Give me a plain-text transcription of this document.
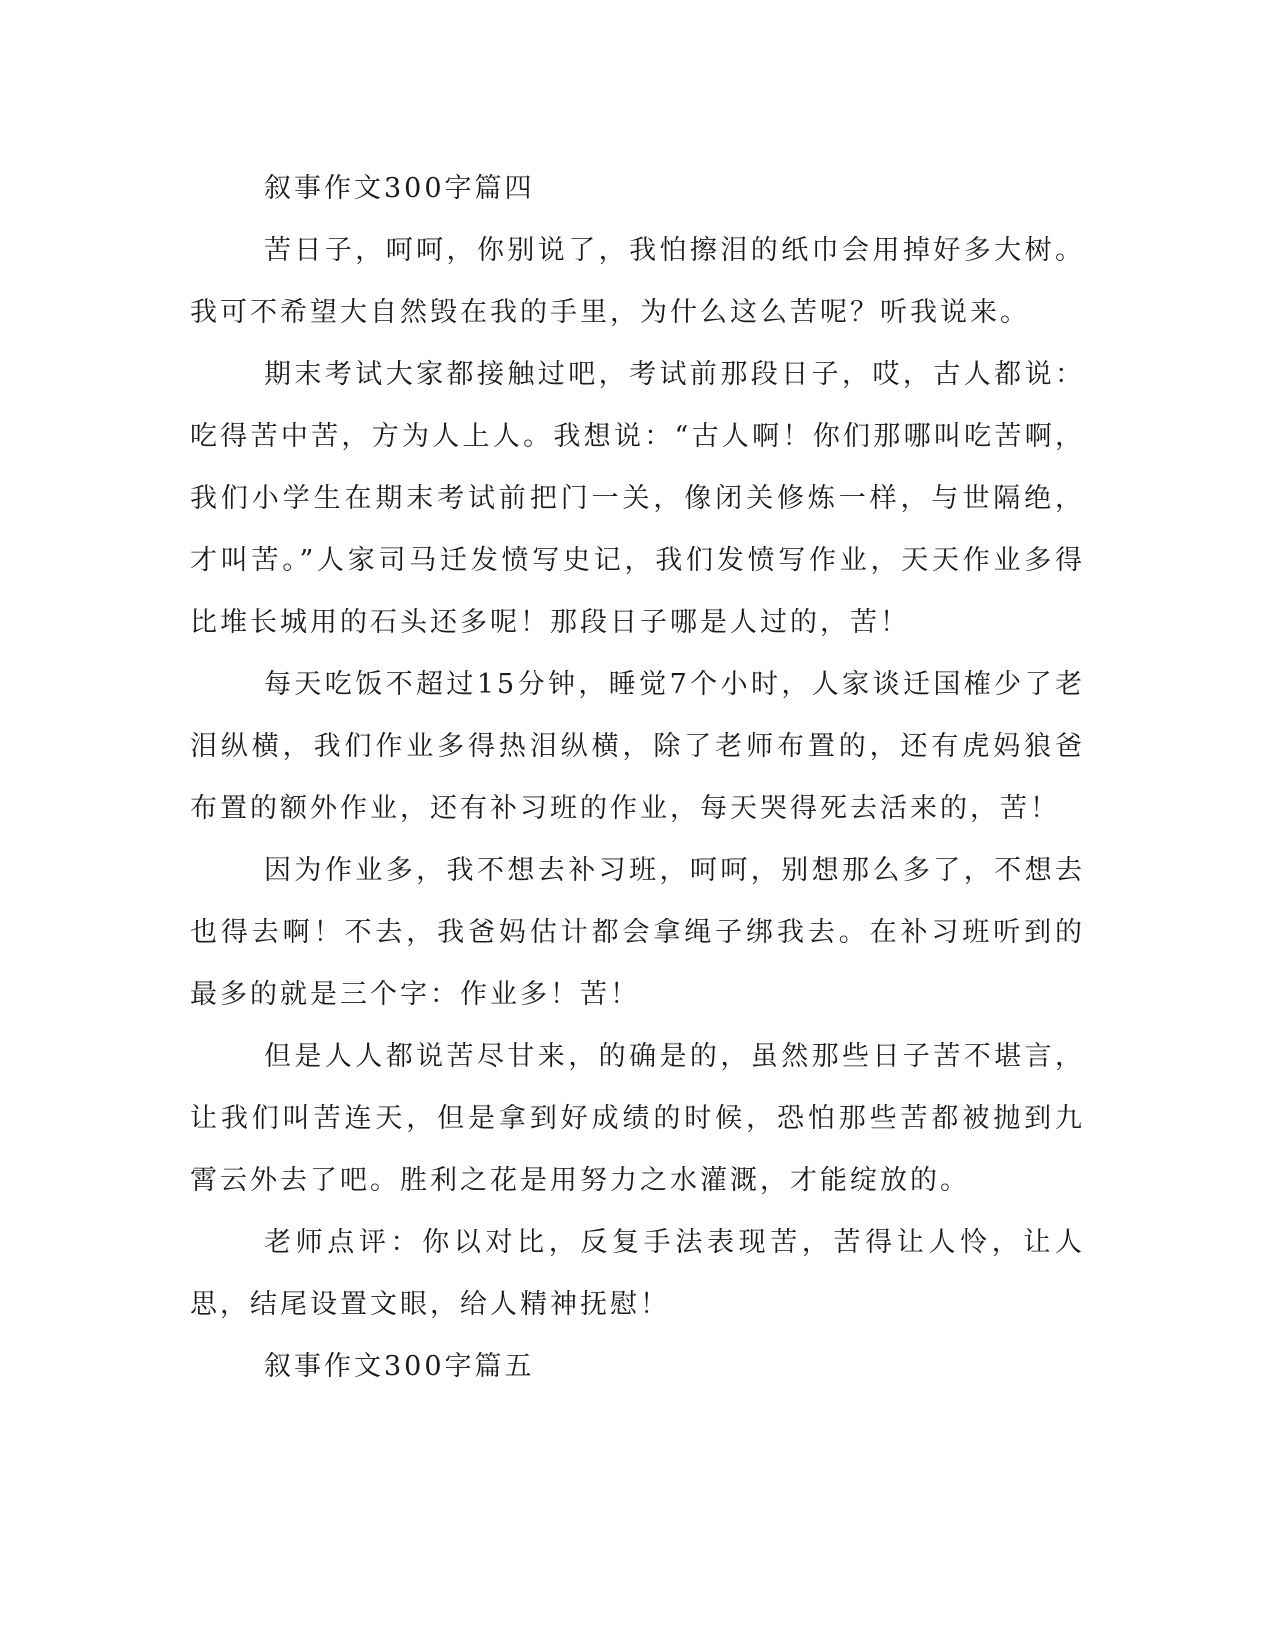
叙事作文300字篇四

苦日子，呵呵，你别说了，我怕擦泪的纸巾会用掉好多大树。我可不希望大自然毁在我的手里，为什么这么苦呢？听我说来。

期末考试大家都接触过吧，考试前那段日子，哎，古人都说：吃得苦中苦，方为人上人。我想说：“古人啊！你们那哪叫吃苦啊，我们小学生在期末考试前把门一关，像闭关修炼一样，与世隔绝，才叫苦。”人家司马迁发愤写史记，我们发愤写作业，天天作业多得比堆长城用的石头还多呢！那段日子哪是人过的，苦！

每天吃饭不超过15分钟，睡觉7个小时，人家谈迁国榷少了老泪纵横，我们作业多得热泪纵横，除了老师布置的，还有虎妈狼爸布置的额外作业，还有补习班的作业，每天哭得死去活来的，苦！

因为作业多，我不想去补习班，呵呵，别想那么多了，不想去也得去啊！不去，我爸妈估计都会拿绳子绑我去。在补习班听到的最多的就是三个字：作业多！苦！

但是人人都说苦尽甘来，的确是的，虽然那些日子苦不堪言，让我们叫苦连天，但是拿到好成绩的时候，恐怕那些苦都被抛到九霄云外去了吧。胜利之花是用努力之水灌溉，才能绽放的。

老师点评：你以对比，反复手法表现苦，苦得让人怜，让人思，结尾设置文眼，给人精神抚慰！

叙事作文300字篇五
